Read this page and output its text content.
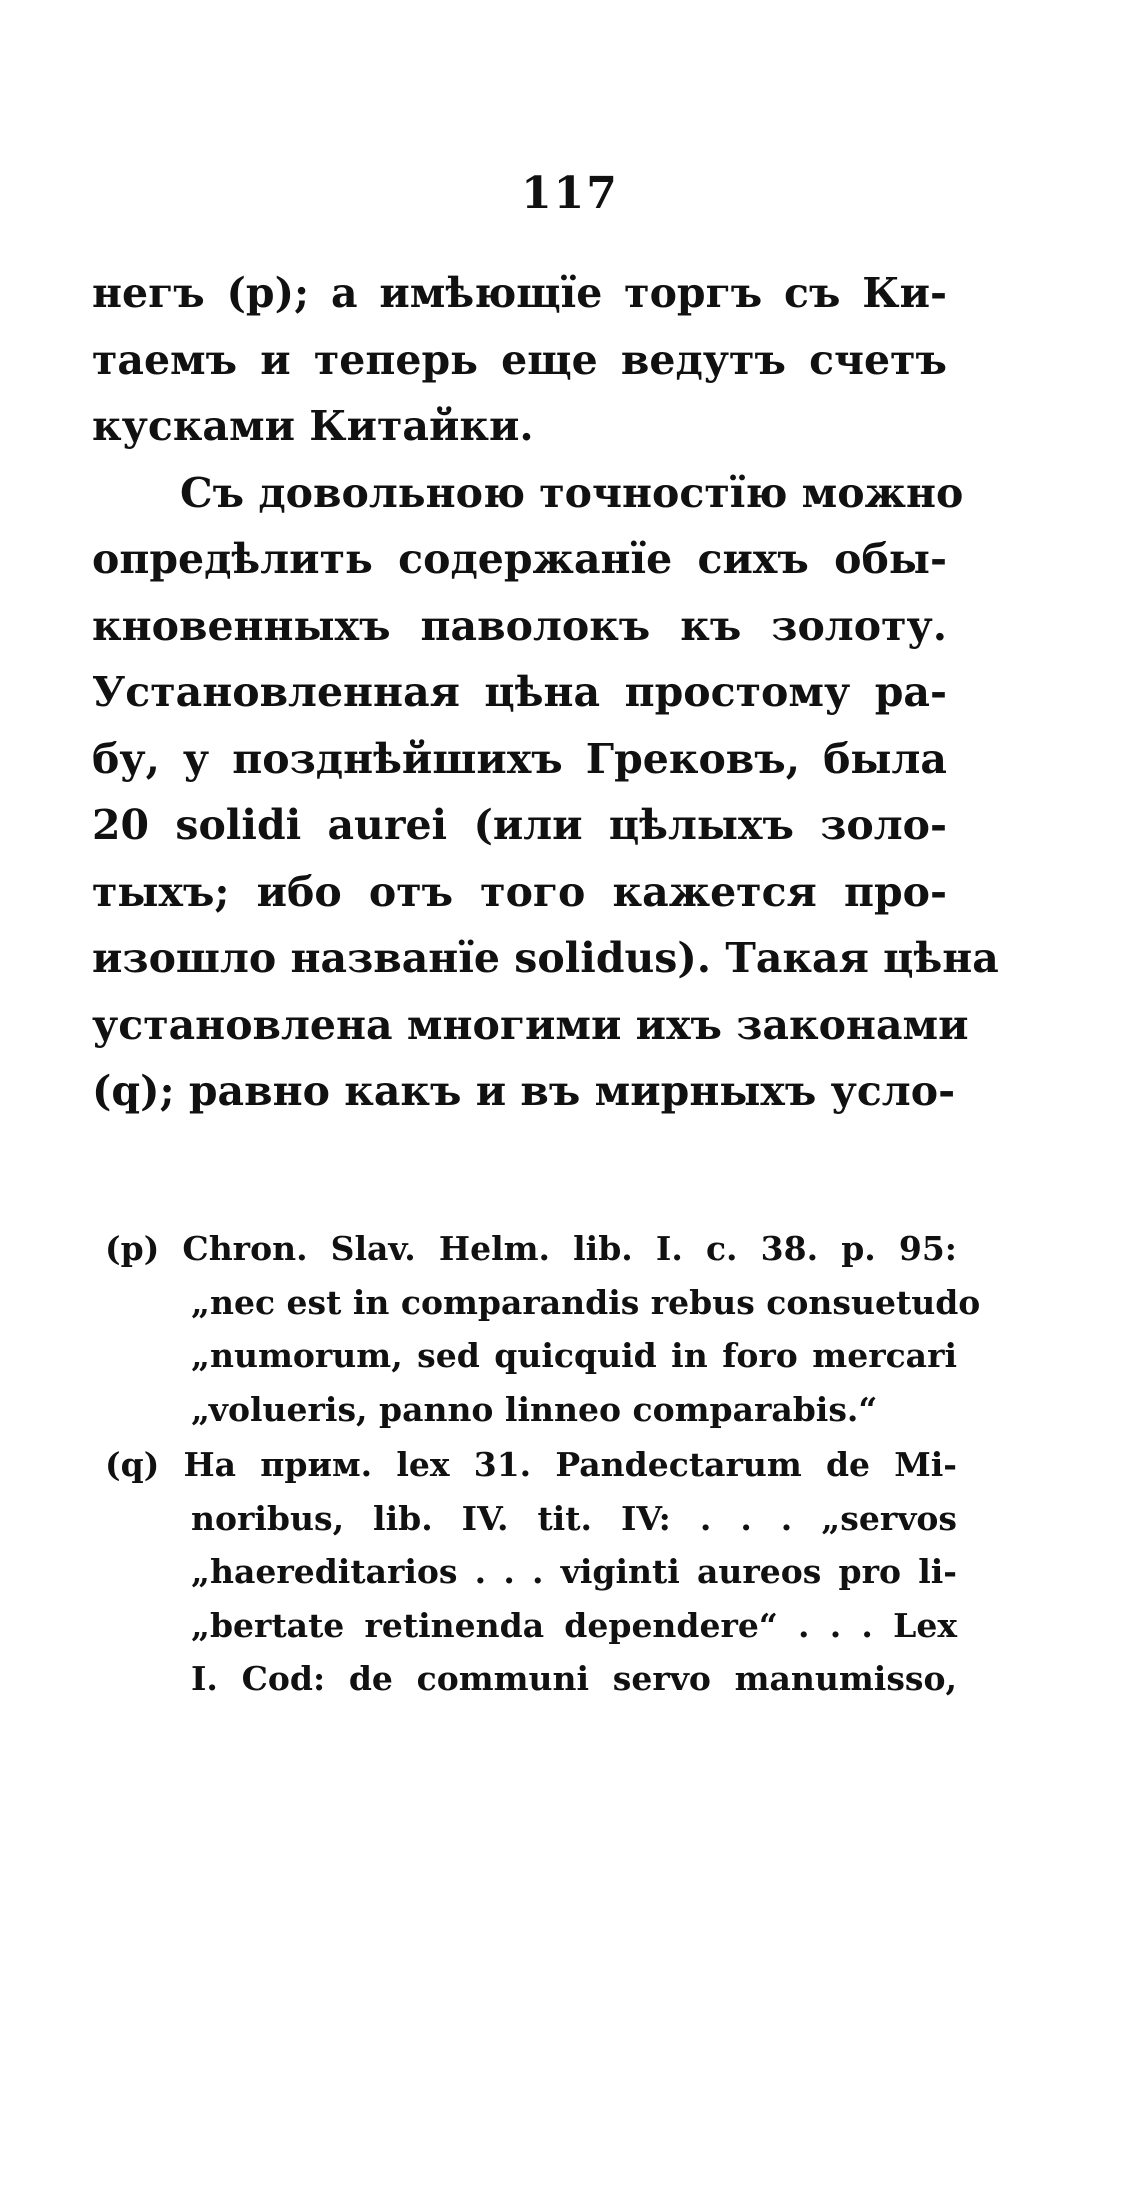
117
негъ (p); а имѣющїе торгъ съ Ки-
таемъ и теперь еще ведутъ счетъ
кусками Китайки.
Съ довольною точностїю можно
опредѣлить содержанїе сихъ обы-
кновенныхъ паволокъ къ золоту.
Установленная цѣна простому ра-
бу, у позднѣйшихъ Грековъ, была
20 solidi aurei (или цѣлыхъ золо-
тыхъ; ибо отъ того кажется про-
изошло названїе solidus). Такая цѣна
установлена многими ихъ законами
(q); равно какъ и въ мирныхъ усло-
(p) Chron. Slav. Helm. lib. I. c. 38. p. 95:
„nec est in comparandis rebus consuetudo
„numorum, sed quicquid in foro mercari
„volueris, panno linneo comparabis.“
(q) На прим. lex 31. Pandectarum de Mi-
noribus, lib. IV. tit. IV: . . . „servos
„haereditarios . . . viginti aureos pro li-
„bertate retinenda dependere“ . . . Lex
I. Cod: de communi servo manumisso,
